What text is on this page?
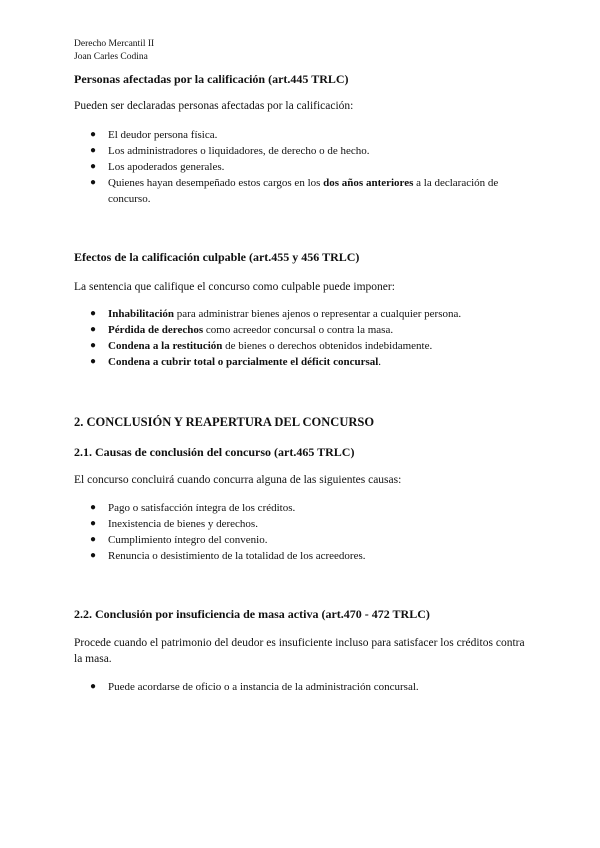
Derecho Mercantil II
Joan Carles Codina
Personas afectadas por la calificación (art.445 TRLC)

Pueden ser declaradas personas afectadas por la calificación:

● El deudor persona física.
● Los administradores o liquidadores, de derecho o de hecho.
● Los apoderados generales.
● Quienes hayan desempeñado estos cargos en los dos años anteriores a la declaración de concurso.
Efectos de la calificación culpable (art.455 y 456 TRLC)

La sentencia que califique el concurso como culpable puede imponer:

● Inhabilitación para administrar bienes ajenos o representar a cualquier persona.
● Pérdida de derechos como acreedor concursal o contra la masa.
● Condena a la restitución de bienes o derechos obtenidos indebidamente.
● Condena a cubrir total o parcialmente el déficit concursal.
2. CONCLUSIÓN Y REAPERTURA DEL CONCURSO
2.1. Causas de conclusión del concurso (art.465 TRLC)

El concurso concluirá cuando concurra alguna de las siguientes causas:

● Pago o satisfacción íntegra de los créditos.
● Inexistencia de bienes y derechos.
● Cumplimiento íntegro del convenio.
● Renuncia o desistimiento de la totalidad de los acreedores.
2.2. Conclusión por insuficiencia de masa activa (art.470 - 472 TRLC)

Procede cuando el patrimonio del deudor es insuficiente incluso para satisfacer los créditos contra la masa.

● Puede acordarse de oficio o a instancia de la administración concursal.
